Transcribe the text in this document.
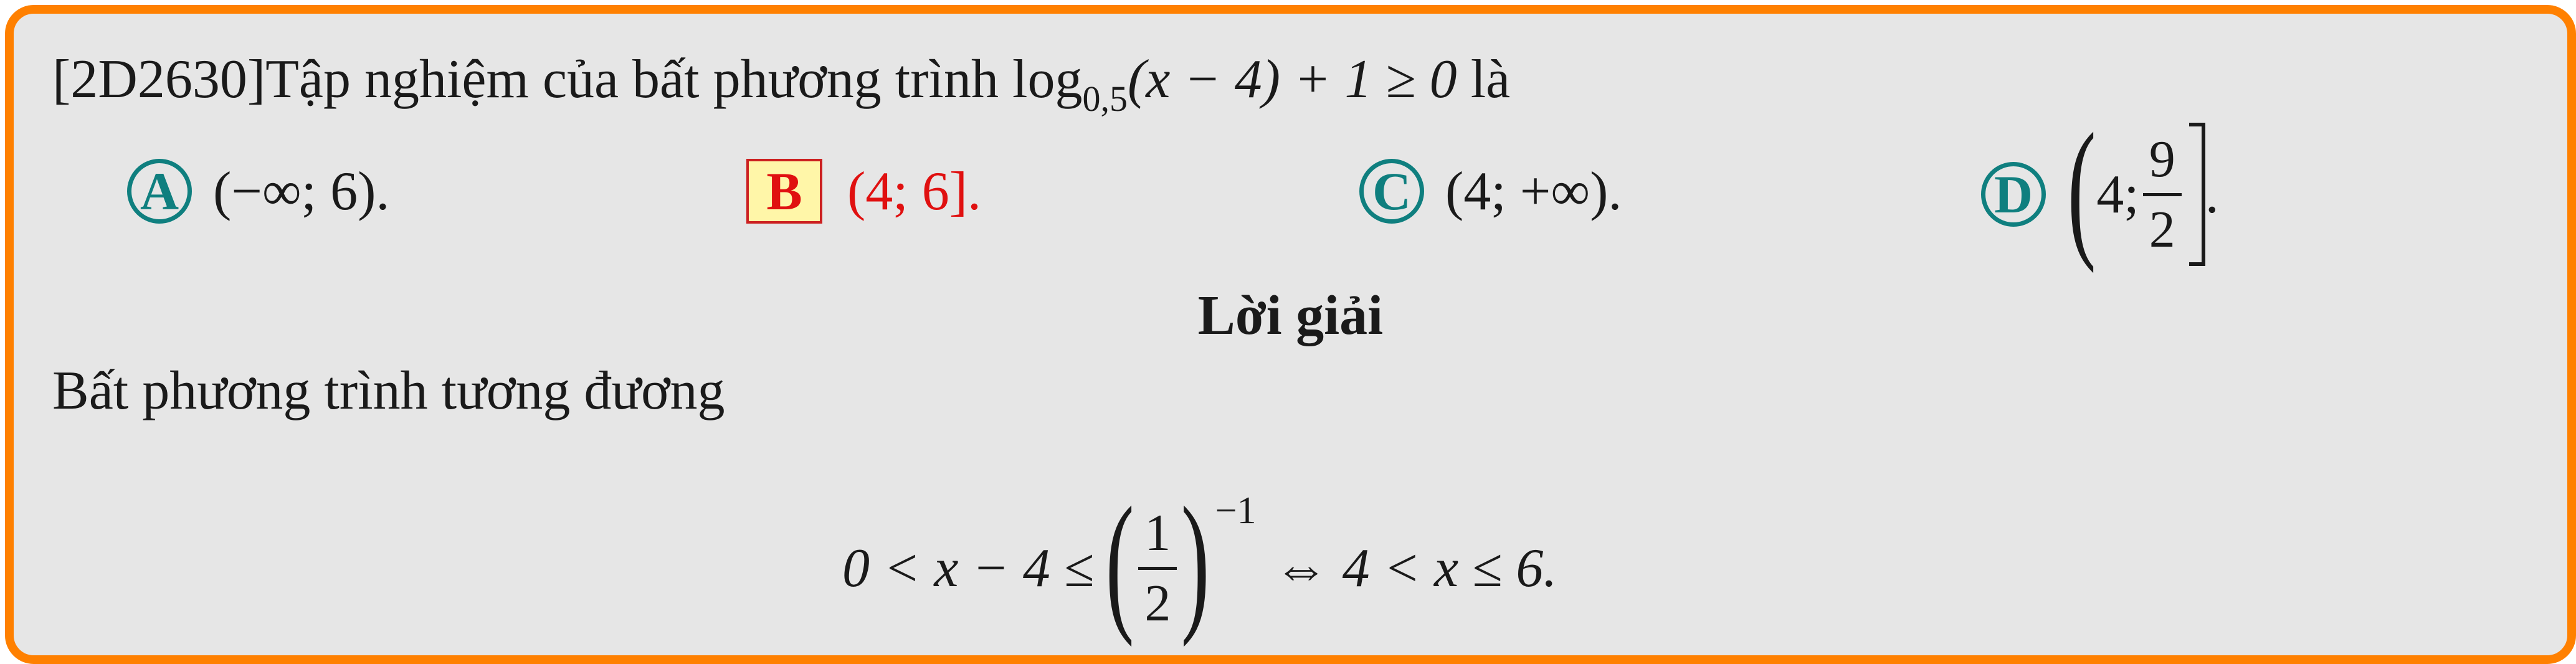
[2D2630]Tập nghiệm của bất phương trình $\log_{0,5}(x - 4) + 1 \ge 0$ là
A (−∞; 6).	B (4; 6].	C (4; +∞).	D ( 4;
9
2
.
Lời giải
Bất phương trình tương đương
0 < x − 4 ≤ ( 1
2 ) −1
⇔ 4 < x ≤ 6.
